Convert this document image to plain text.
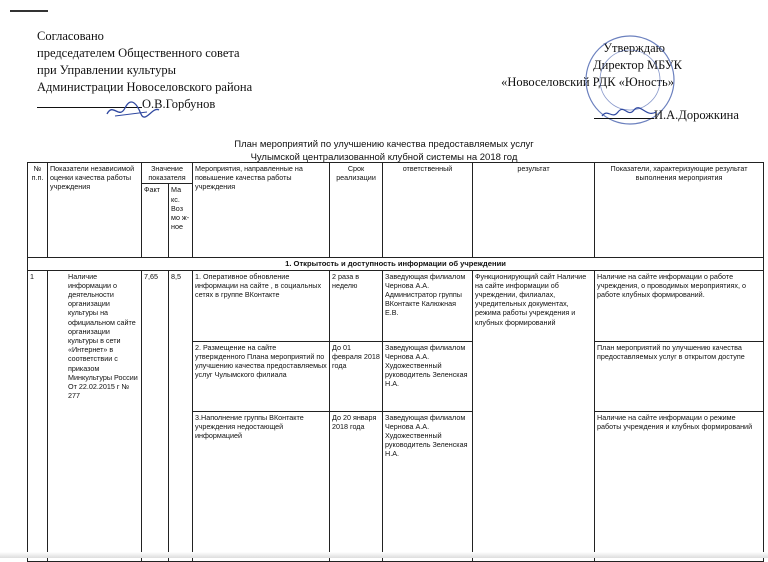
Согласовано
председателем Общественного совета
при Управлении культуры
Администрации Новоселовского района
О.В.Горбунов
Утверждаю
Директор МБУК
«Новоселовский РДК «Юность»
И.А.Дорожкина
План мероприятий по улучшению качества предоставляемых услуг
Чулымской централизованной клубной системы на 2018 год
№ п.п.	Показатели независимой оценки качества работы учреждения	Значение показателя		Мероприятия, направленные на повышение качества работы учреждения	Срок реализации	ответственный	результат	Показатели, характеризующие результат выполнения мероприятия
		Факт	Ма кс. Воз мо ж- ное					
1. Открытость и доступность информации об учреждении								
1	Наличие информации о деятельности организации культуры на официальном сайте организации культуры в сети «Интернет» в соответствии с приказом Минкультуры России От 22.02.2015 г № 277	7,65	8,5	1. Оперативное обновление информации на сайте , в социальных сетях в группе ВКонтакте	2 раза в неделю	Заведующая филиалом Чернова А.А. Администратор группы ВКонтакте Калюжная Е.В.	Функционирующий сайт Наличие на сайте информации об учреждении, филиалах, учредительных документах, режима работы учреждения и клубных формирований	Наличие на сайте информации о работе учреждения, о проводимых мероприятиях, о работе клубных формирований.
				2. Размещение на сайте утвержденного Плана мероприятий по улучшению качества предоставляемых услуг Чулымского филиала	До 01 февраля 2018 года	Заведующая филиалом Чернова А.А. Художественный руководитель Зеленская Н.А.		План мероприятий по улучшению качества предоставляемых услуг в открытом доступе
				3.Наполнение группы ВКонтакте учреждения недостающей информацией	До 20 января 2018 года	Заведующая филиалом Чернова А.А. Художественный руководитель Зеленская Н.А.		Наличие на сайте информации о режиме работы учреждения и клубных формирований
